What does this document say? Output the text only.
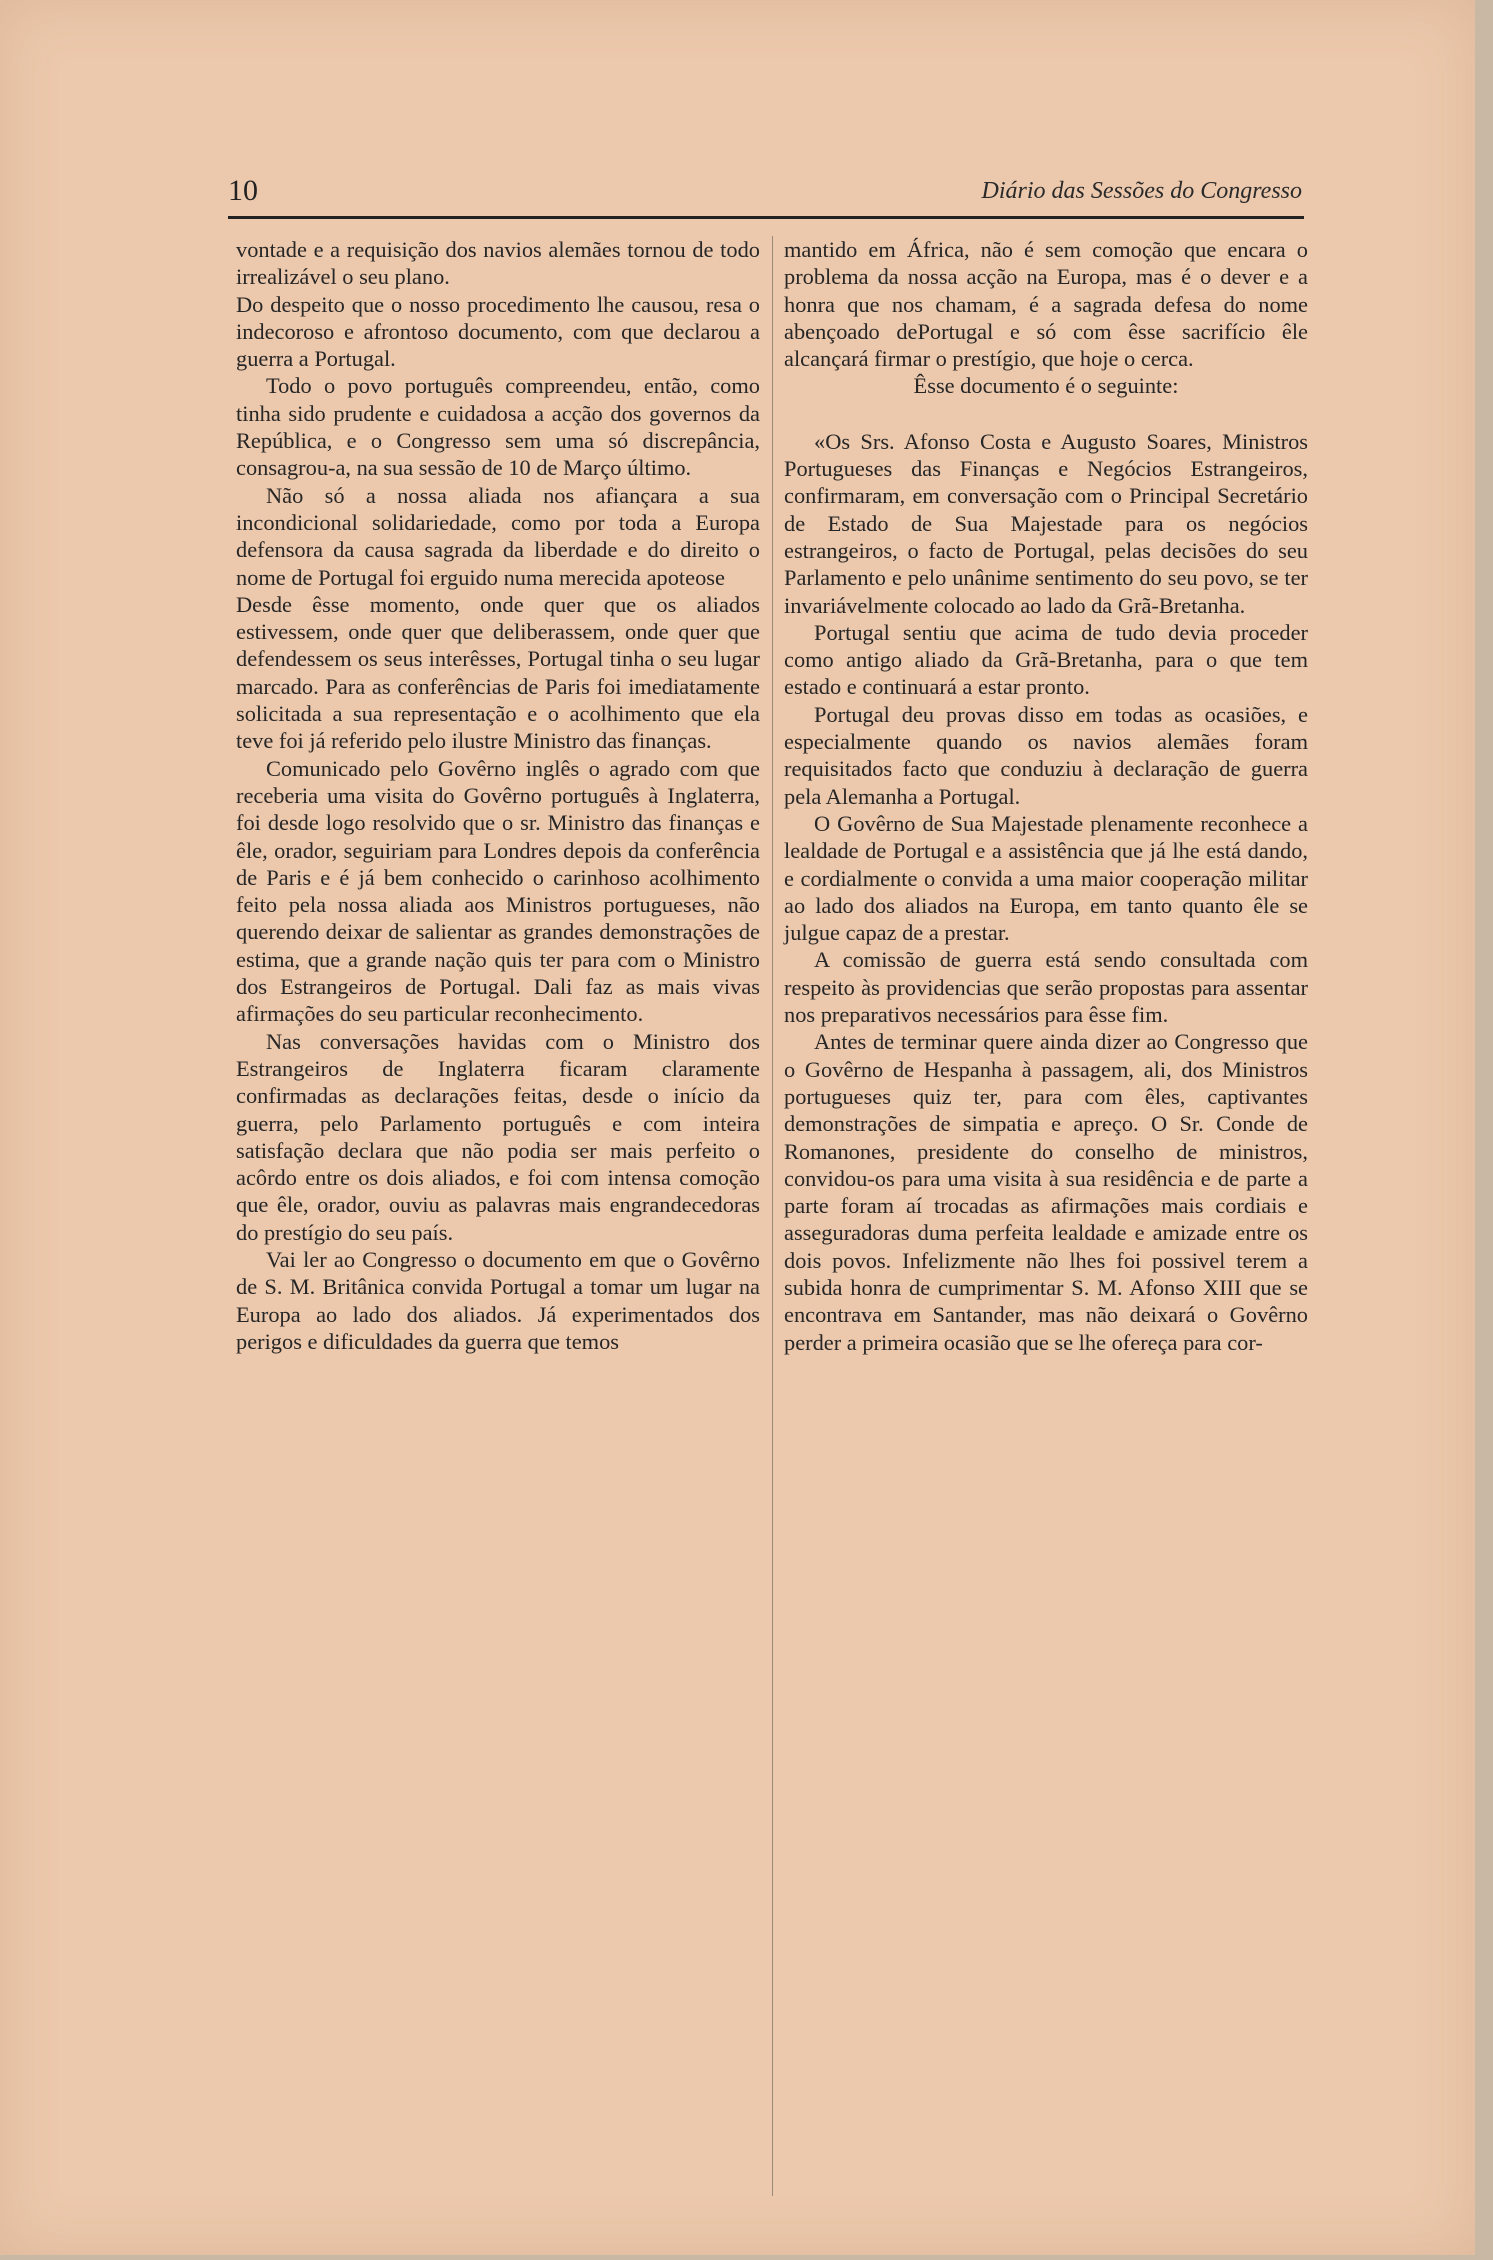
10	Diário das Sessões do Congresso

vontade e a requisição dos navios alemães tornou de todo irrealizável o seu plano.

Do despeito que o nosso procedimento lhe causou, resa o indecoroso e afrontoso documento, com que declarou a guerra a Portugal.

Todo o povo português compreendeu, então, como tinha sido prudente e cuidadosa a acção dos governos da República, e o Congresso sem uma só discrepância, consagrou-a, na sua sessão de 10 de Março último.

Não só a nossa aliada nos afiançara a sua incondicional solidariedade, como por toda a Europa defensora da causa sagrada da liberdade e do direito o nome de Portugal foi erguido numa merecida apoteose

Desde êsse momento, onde quer que os aliados estivessem, onde quer que deliberassem, onde quer que defendessem os seus interêsses, Portugal tinha o seu lugar marcado. Para as conferências de Paris foi imediatamente solicitada a sua representação e o acolhimento que ela teve foi já referido pelo ilustre Ministro das finanças.

Comunicado pelo Govêrno inglês o agrado com que receberia uma visita do Govêrno português à Inglaterra, foi desde logo resolvido que o sr. Ministro das finanças e êle, orador, seguiriam para Londres depois da conferência de Paris e é já bem conhecido o carinhoso acolhimento feito pela nossa aliada aos Ministros portugueses, não querendo deixar de salientar as grandes demonstrações de estima, que a grande nação quis ter para com o Ministro dos Estrangeiros de Portugal. Dali faz as mais vivas afirmações do seu particular reconhecimento.

Nas conversações havidas com o Ministro dos Estrangeiros de Inglaterra ficaram claramente confirmadas as declarações feitas, desde o início da guerra, pelo Parlamento português e com inteira satisfação declara que não podia ser mais perfeito o acôrdo entre os dois aliados, e foi com intensa comoção que êle, orador, ouviu as palavras mais engrandecedoras do prestígio do seu país.

Vai ler ao Congresso o documento em que o Govêrno de S. M. Britânica convida Portugal a tomar um lugar na Europa ao lado dos aliados. Já experimentados dos perigos e dificuldades da guerra que temos

mantido em África, não é sem comoção que encara o problema da nossa acção na Europa, mas é o dever e a honra que nos chamam, é a sagrada defesa do nome abençoado dePortugal e só com êsse sacrifício êle alcançará firmar o prestígio, que hoje o cerca.

Êsse documento é o seguinte:

«Os Srs. Afonso Costa e Augusto Soares, Ministros Portugueses das Finanças e Negócios Estrangeiros, confirmaram, em conversação com o Principal Secretário de Estado de Sua Majestade para os negócios estrangeiros, o facto de Portugal, pelas decisões do seu Parlamento e pelo unânime sentimento do seu povo, se ter invariávelmente colocado ao lado da Grã-Bretanha.

Portugal sentiu que acima de tudo devia proceder como antigo aliado da Grã-Bretanha, para o que tem estado e continuará a estar pronto.

Portugal deu provas disso em todas as ocasiões, e especialmente quando os navios alemães foram requisitados facto que conduziu à declaração de guerra pela Alemanha a Portugal.

O Govêrno de Sua Majestade plenamente reconhece a lealdade de Portugal e a assistência que já lhe está dando, e cordialmente o convida a uma maior cooperação militar ao lado dos aliados na Europa, em tanto quanto êle se julgue capaz de a prestar.

A comissão de guerra está sendo consultada com respeito às providencias que serão propostas para assentar nos preparativos necessários para êsse fim.

Antes de terminar quere ainda dizer ao Congresso que o Govêrno de Hespanha à passagem, ali, dos Ministros portugueses quiz ter, para com êles, captivantes demonstrações de simpatia e apreço. O Sr. Conde de Romanones, presidente do conselho de ministros, convidou-os para uma visita à sua residência e de parte a parte foram aí trocadas as afirmações mais cordiais e asseguradoras duma perfeita lealdade e amizade entre os dois povos. Infelizmente não lhes foi possivel terem a subida honra de cumprimentar S. M. Afonso XIII que se encontrava em Santander, mas não deixará o Govêrno perder a primeira ocasião que se lhe ofereça para cor-
